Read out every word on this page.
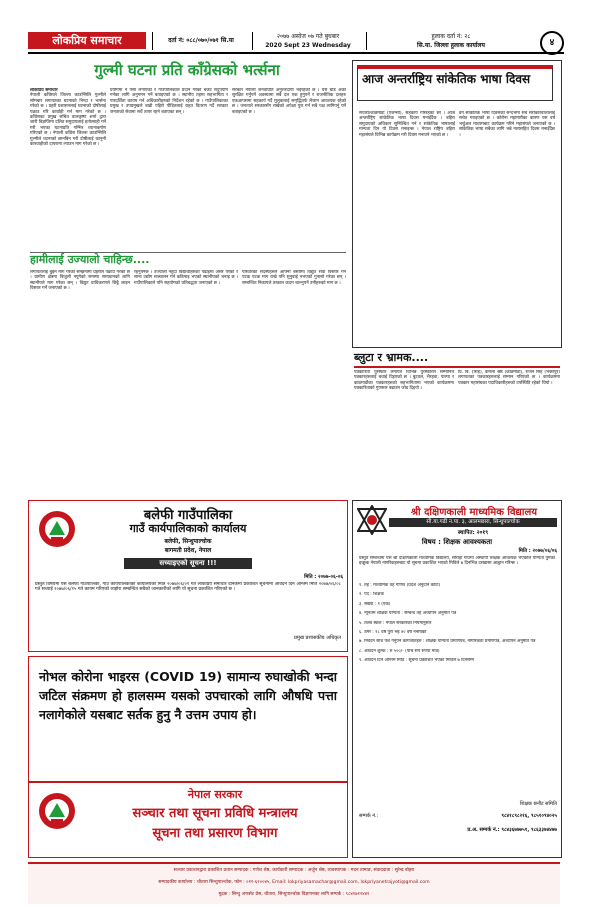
लोकप्रिय समाचार	दर्ता नं: ०८८/०७०/०७१ सि.या
२०७७ असोज ०७ गते बुधबार
2020 Sept 23 Wednesday
हुलाक दर्ता नं: २८
सि.या. जिल्ला हुलाक कार्यालय	४
गुल्मी घटना प्रति काँग्रेसको भर्त्सना
लोकप्रिय समाचार
नेपाली काँग्रेसले जिल्ला काउन्सिलि गुल्मीले सोमबार लगायतका घटनाको निन्दा र भर्त्सना गरेको छ । प्रहरी प्रशासनलाई घटनाको दोषीलाई पक्राउ गरि कार्वाही गर्न माग गरेको छ । काँग्रेसका प्रमुख सचिव वालकृष्ण शर्मा द्वारा जारी विज्ञप्तिमा दलित समुदायलाई हतोत्साही गर्ने गरी भएका घटनाप्रति गम्भिर ध्यानाकर्षण गरिएको छ । नेपाली काँग्रेस जिल्ला काउन्सिलि गुल्मीले घटनाको छानबिन गरी दोषीलाई कानुनी कारवाहीको दायरामा ल्याउन माग गरेको छ ।
प्रयोगमा ने पैसा लगाएकाे र गाउँपालिकाले प्रदान गरेको बजेट सदुपयोग गर्नका लागि अनुगमन गर्ने बताइएको छ । स्थानीय तहमा सहभागिता र पारदर्शिता कायम गर्न अधिकारीहरुको निर्देशन रहेको छ । गाउँपालिकाका प्रमुख र उपप्रमुखले बाढी पहिरो पीडितलाई राहत वितरण गर्दै सरकार जनताको सेवामा सधैं तत्पर रहने बताएका छन् ।
सरकार नेपाली जनताप्रति अनुत्तरदायी भईरहेको छ । यस घडि अर्को सुरक्षित गर्नुपर्ने अवस्थामा सबै दल एक हुनुपर्ने र राजनीतिक दलहरु एकआपसमा सहकार्य गर्दै मुलुकलाई समृद्धितर्फ लैजान आवश्यक रहेको छ । जनताले सरकारसँग राखेको अपेक्षा पुरा गर्न सबै पक्ष लागिपर्नु पर्ने बताइएको छ ।
हामीलाई उज्यालो चाहिन्छ....
लगायतलाई बुझ्न माग गरेको सम्झनामा प्रहरीले पक्राउ गरेको छ । ग्रामीण क्षेत्रमा बिजुली नपुगेको समस्या समाधानको लागि स्थानीयले माग गरेका छन् । विद्युत प्राधिकरणले छिट्टै लाइन विस्तार गर्ने जनाएको छ ।
रहनुपर्नेछ । उज्यालो नहुँदा विद्यार्थीहरुको पढाइमा असर परेको र साना उद्योग सञ्चालन गर्न कठिनाइ भएको स्थानीयको भनाइ छ । गाउँपालिकाले पनि सहयोगको प्रतिबद्धता जनाएको छ ।
परिवारका सदस्यहरुले आफ्नो बस्तीमा विद्युत सेवा विस्तार गर्न पटक पटक माग राखे पनि सुनुवाई नभएको गुनासो गरेका छन् । सम्बन्धित निकायले तत्काल कदम चाल्नुपर्ने उनीहरुको माग छ ।
आज अन्तर्राष्ट्रिय सांकेतिक भाषा दिवस
सप्तरी/काठमाडौं (एजेन्सी), सहकार्य गरिरहेका छौं । आज अन्तर्राष्ट्रिय सांकेतिक भाषा दिवस मनाइँदैछ । बहिरा समुदायको अधिकार सुनिश्चित गर्न र सांकेतिक भाषालाई मान्यता दिन यो दिवस मनाइन्छ । नेपाल राष्ट्रिय बहिरा महासंघले विभिन्न कार्यक्रम गरी दिवस मनाउने भएको छ ।
डग सांकेतिक भाषा दिवसको सन्दर्भमा सबै सरोकारवालालाई सचेत गराइएको छ । कोरोना महामारीका कारण यस वर्ष भर्चुअल माध्यमबाट कार्यक्रम गरिने महासंघले जनाएको छ । सांकेतिक भाषा सबैका लागि भन्ने नारासहित दिवस मनाइँदैछ ।
ब्लुटा र भ्रामक....
पत्रकारिता पुरस्कार लगायत विभिन्न पुरस्कारले सम्मानित पत्रकारहरुलाई बधाई दिइएको छ । बुटवल, भैरहवा, पाल्पा र काठमाडौंका पत्रकारहरुको सहभागितामा भएको कार्यक्रममा पत्रकारिताको गुणस्तर बढाउन जोड दिइयो ।
प्रि. बि. (सिंह), कमला श्रेष्ठ (काठमाडौं), राजन सिंह (भक्तपुर) लगायतका पत्रकारहरुलाई सम्मान गरिएको छ । कार्यक्रममा पत्रकार महासंघका पदाधिकारीहरुको उपस्थिति रहेको थियो ।
बलेफी गाउँपालिका
गाउँ कार्यपालिकाको कार्यालय
बलेफी, सिन्धुपाल्चोक
बागमती प्रदेश, नेपाल
सच्याइएको सूचना !!!
मिति : २०७७-०६-०६
प्रस्तुत विषयमा यस बलेफी गाउँपालिका, गाउँ कार्यपालिकाको कार्यालयको मिति २०७७/०६/०१ गते लोकप्रिय समाचार दैनिकमा प्रकाशित सूचनामा आवेदन दिने अन्तिम मिति २०७७/०६/०८ गते सच्याई २०७७/०६/१५ गते कायम गरिएको व्यहोरा सम्बन्धित सबैको जानकारीको लागि यो सूचना प्रकाशित गरिएको छ ।
प्रमुख प्रशासकीय अधिकृत
नोभल कोरोना भाइरस (COVID 19) सामान्य रुघाखोकी भन्दा जटिल संक्रमण हो हालसम्म यसको उपचारको लागि औषधि पत्ता नलागेकोले यसबाट सर्तक हुनु नै उत्तम उपाय हो।
नेपाल सरकार
सञ्चार तथा सूचना प्रविधि मन्त्रालय
सूचना तथा प्रसारण विभाग
श्री दक्षिणकाली माध्यमिक विद्यालय
सी.या.गढी न.पा. ३, आलमछारा, सिन्धुपाल्चोक
स्थापित: २०१९
विषय : शिक्षक आवश्यकता
मिति : २०७७/०६/०६
प्रस्तुत सम्बन्धमा यस श्री दक्षिणकाली माध्यमिक विद्यालय, सौराहा गाँउमा अस्थायी शिक्षक आवश्यक भएकोले योग्यता पुगेका इच्छुक नेपाली नागरिकहरुबाट यो सूचना प्रकाशित भएको मितिले ७ दिनभित्र दरखास्त आह्वान गरिन्छ ।
१. तह : माध्यमिक तह गणित (प्रदेश अनुदान कोटा)
२. पद : शिक्षक
३. संख्या : १ (एक)
४. न्यूनतम शैक्षिक योग्यता : सम्बन्ध तह अध्यापन अनुमति पत्र
५. तलब स्केल : नेपाल सरकारको नियमानुसार
६. उमेर : १८ वर्ष पुरा भई ४० वर्ष ननाघेको
७. निवेदन साथ पेश गर्नुपर्ने कागजातहरु : शैक्षिक योग्यता प्रमाणपत्र, नागरिकता प्रमाणपत्र, अध्यापन अनुमति पत्र
८. आवेदन शुल्क : रु ५००/- (पाँच सय रुपैयाँ मात्र)
९. आवेदन दिने अन्तिम मिति : सूचना प्रकाशित भएको मितिले ७ दिनसम्म
शिक्षक छनौट समिति
सम्पर्क नं.:	९८४१८९८२१६, ९८५१०९४०२५
प्र.अ. सम्पर्क नं.: ९८४३६७७७५१, ९८६३३७४४७७
सञ्चार प्रकाशनद्वारा प्रकाशित प्रधान सम्पादक : गणेश श्रेष्ठ, कार्यकारी सम्पादक : अर्जुन श्रेष्ठ, व्यवस्थापक : मदन तामाङ, संवाददाता : सुरेन्द्र बोहरा
सम्पादकीय कार्यालय : चौतारा सिन्धुपाल्चोक, फोन : ०११-६२००४५, Email: lokpriyasamachar@gmail.com, lokpriyanetrajyoti@gmail.com
मुद्रक : सिन्धु अफसेट प्रेस, चौतारा, सिन्धुपाल्चोक विज्ञापनका लागि सम्पर्क : ९८४१७१२४४१
